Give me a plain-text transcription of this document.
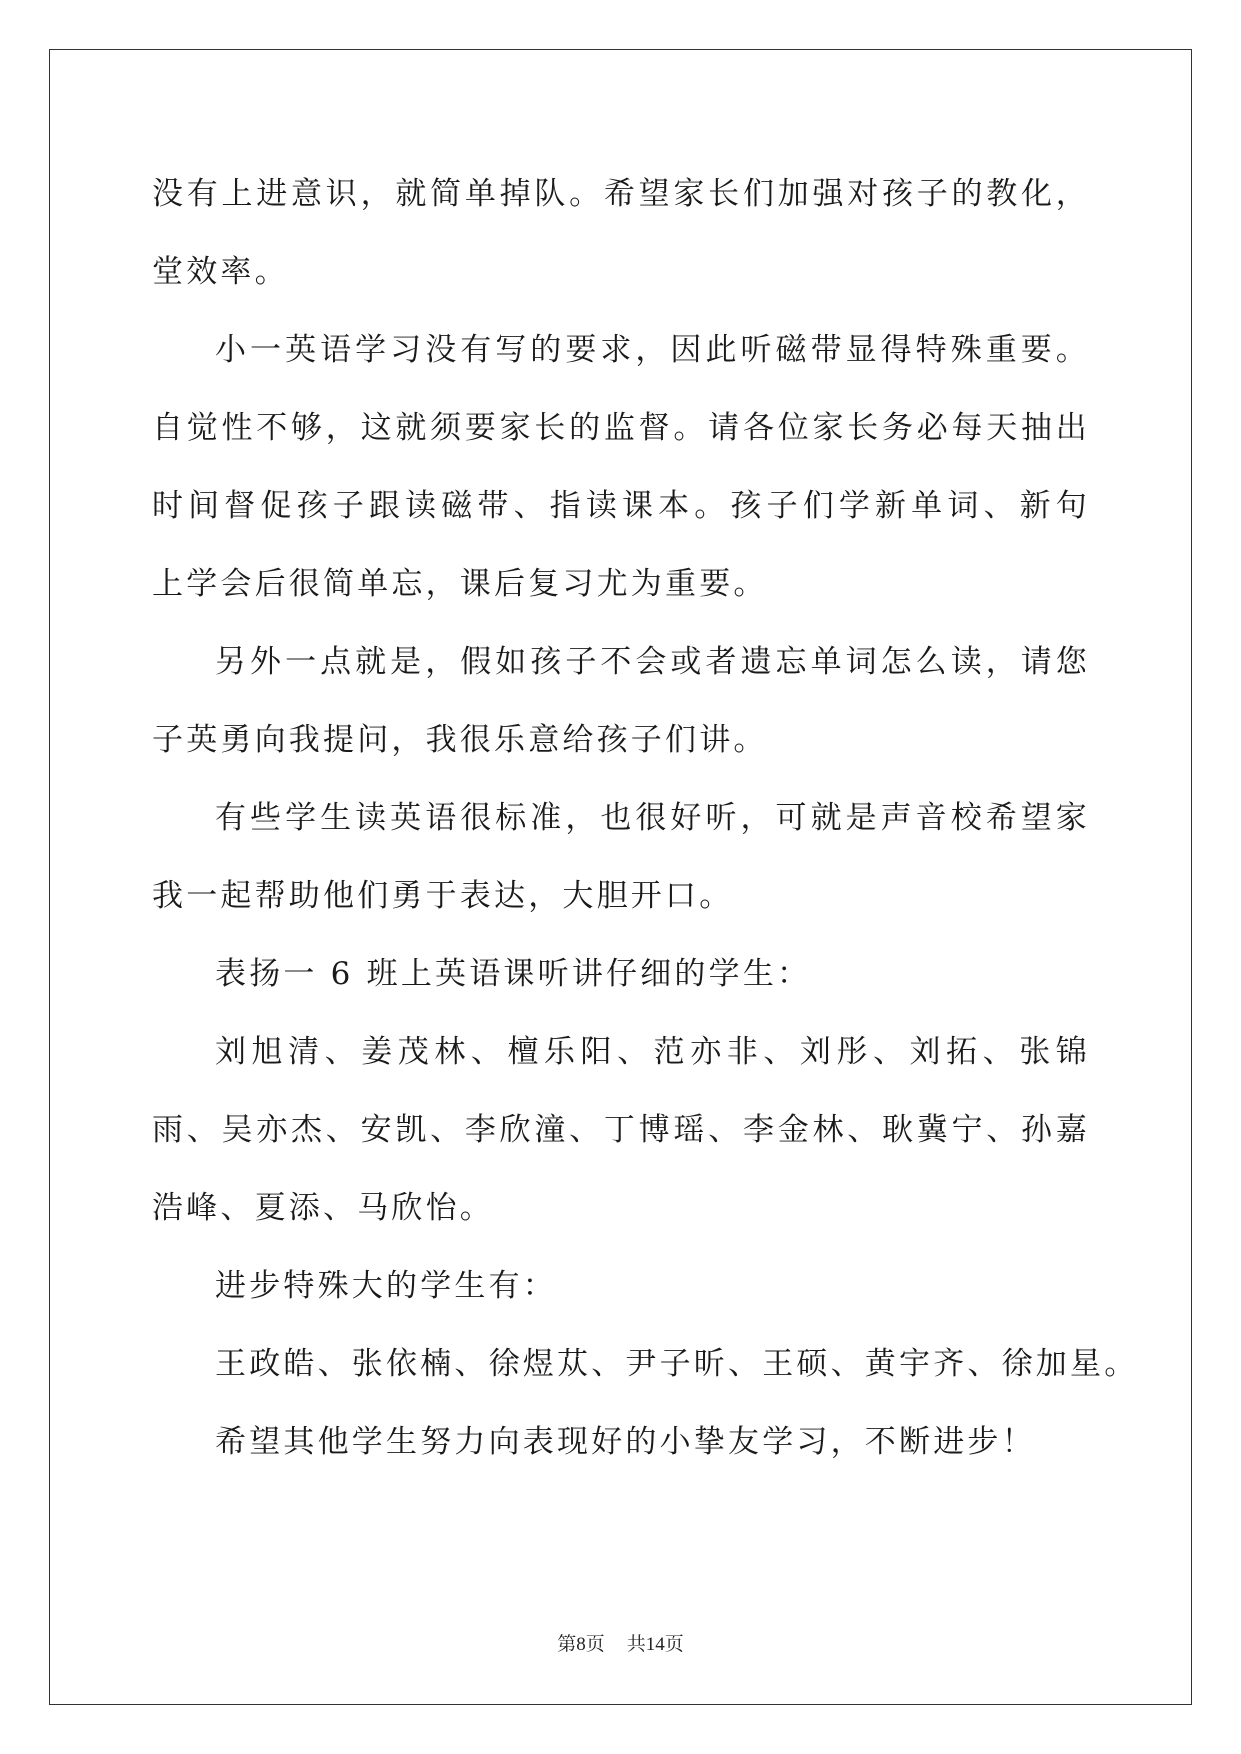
没有上进意识，就简单掉队。希望家长们加强对孩子的教化，
堂效率。
小一英语学习没有写的要求，因此听磁带显得特殊重要。
自觉性不够，这就须要家长的监督。请各位家长务必每天抽出
时间督促孩子跟读磁带、指读课本。孩子们学新单词、新句
上学会后很简单忘，课后复习尤为重要。
另外一点就是，假如孩子不会或者遗忘单词怎么读，请您
子英勇向我提问，我很乐意给孩子们讲。
有些学生读英语很标准，也很好听，可就是声音校希望家
我一起帮助他们勇于表达，大胆开口。
表扬一 6 班上英语课听讲仔细的学生：
刘旭清、姜茂林、檀乐阳、范亦非、刘彤、刘拓、张锦
雨、吴亦杰、安凯、李欣潼、丁博瑶、李金林、耿冀宁、孙嘉
浩峰、夏添、马欣怡。
进步特殊大的学生有：
王政皓、张依楠、徐煜苁、尹子昕、王硕、黄宇齐、徐加星。
希望其他学生努力向表现好的小挚友学习，不断进步！
第8页 共14页
